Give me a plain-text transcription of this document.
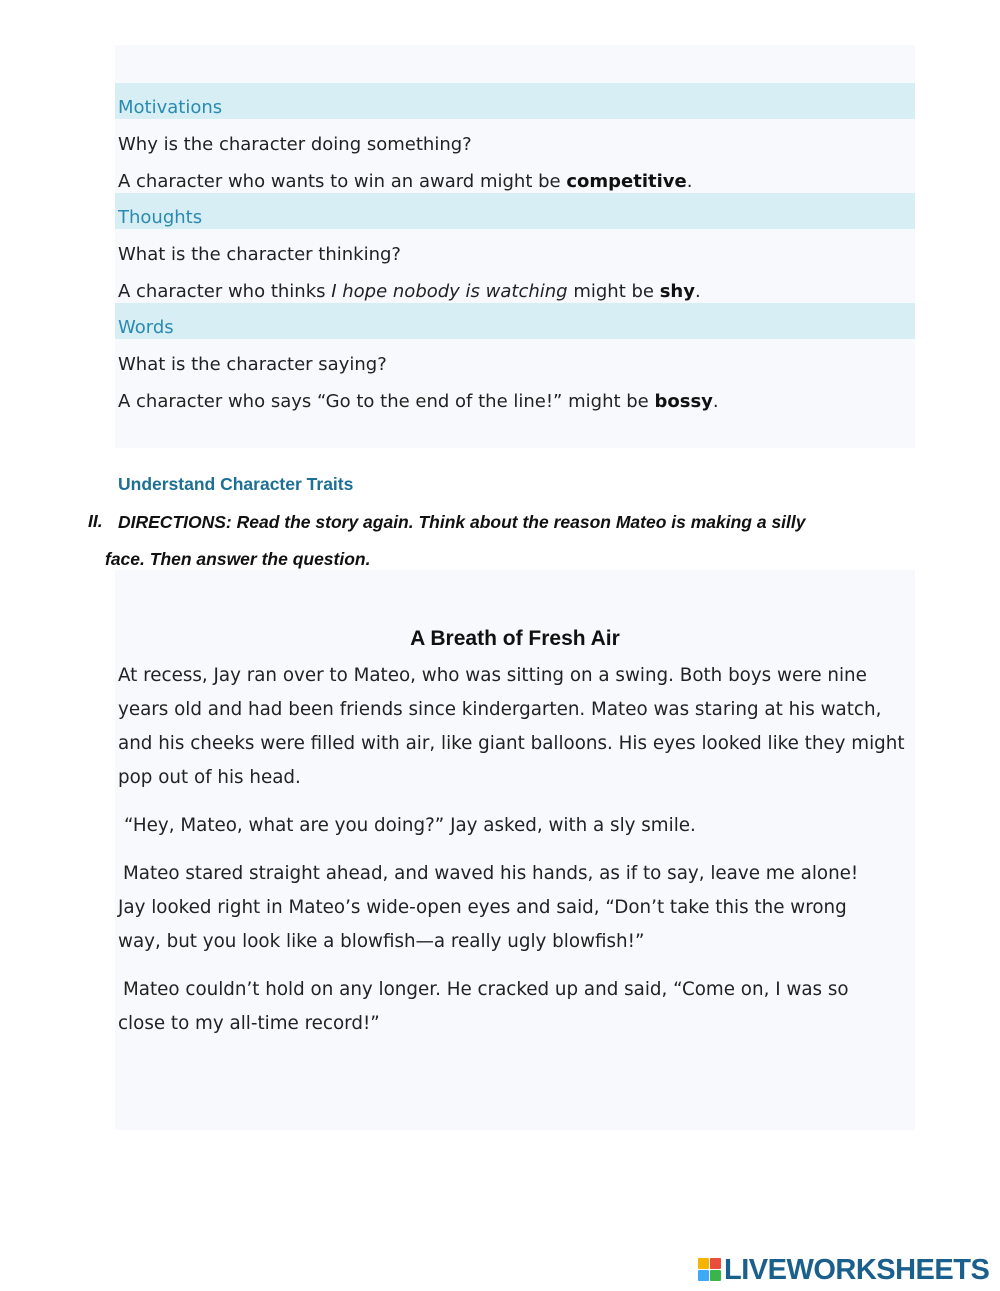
Motivations
Why is the character doing something?
A character who wants to win an award might be competitive.
Thoughts
What is the character thinking?
A character who thinks I hope nobody is watching might be shy.
Words
What is the character saying?
A character who says “Go to the end of the line!” might be bossy.
Understand Character Traits
II. DIRECTIONS: Read the story again. Think about the reason Mateo is making a silly
face. Then answer the question.
A Breath of Fresh Air
At recess, Jay ran over to Mateo, who was sitting on a swing. Both boys were nine
years old and had been friends since kindergarten. Mateo was staring at his watch,
and his cheeks were filled with air, like giant balloons. His eyes looked like they might
pop out of his head.
“Hey, Mateo, what are you doing?” Jay asked, with a sly smile.
Mateo stared straight ahead, and waved his hands, as if to say, leave me alone!
Jay looked right in Mateo’s wide-open eyes and said, “Don’t take this the wrong
way, but you look like a blowfish—a really ugly blowfish!”
Mateo couldn’t hold on any longer. He cracked up and said, “Come on, I was so
close to my all-time record!”
LIVEWORKSHEETS
